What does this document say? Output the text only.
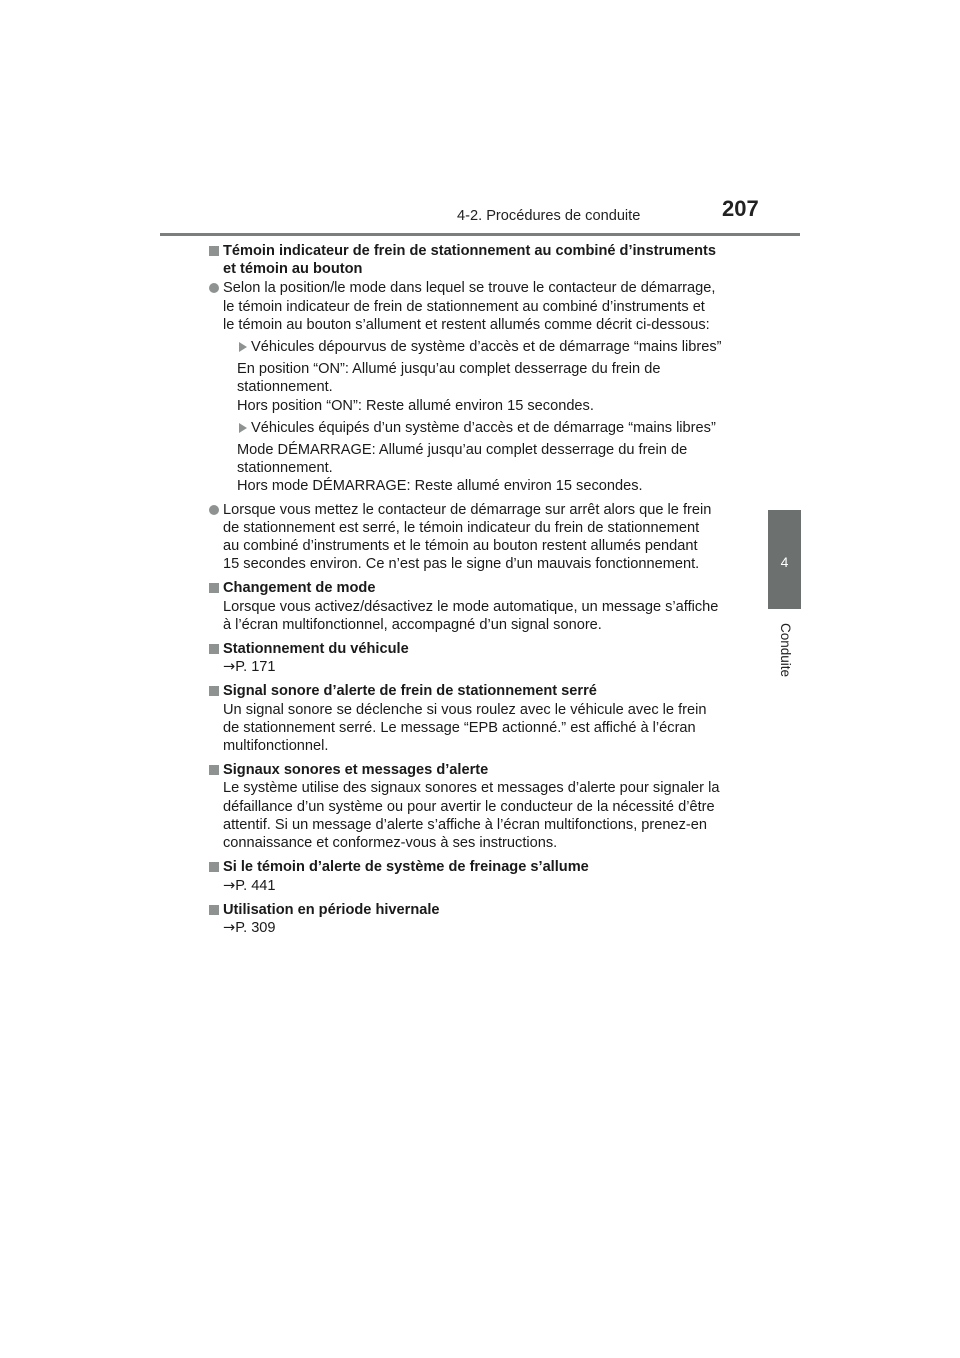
4-2. Procédures de conduite	207
4
Conduite
Témoin indicateur de frein de stationnement au combiné d’instruments
et témoin au bouton
Selon la position/le mode dans lequel se trouve le contacteur de démarrage,
le témoin indicateur de frein de stationnement au combiné d’instruments et
le témoin au bouton s’allument et restent allumés comme décrit ci-dessous:
Véhicules dépourvus de système d’accès et de démarrage “mains libres”
En position “ON”: Allumé jusqu’au complet desserrage du frein de
stationnement.
Hors position “ON”: Reste allumé environ 15 secondes.
Véhicules équipés d’un système d’accès et de démarrage “mains libres”
Mode DÉMARRAGE: Allumé jusqu’au complet desserrage du frein de
stationnement.
Hors mode DÉMARRAGE: Reste allumé environ 15 secondes.
Lorsque vous mettez le contacteur de démarrage sur arrêt alors que le frein
de stationnement est serré, le témoin indicateur du frein de stationnement
au combiné d’instruments et le témoin au bouton restent allumés pendant
15 secondes environ. Ce n’est pas le signe d’un mauvais fonctionnement.
Changement de mode
Lorsque vous activez/désactivez le mode automatique, un message s’affiche
à l’écran multifonctionnel, accompagné d’un signal sonore.
Stationnement du véhicule
→P. 171
Signal sonore d’alerte de frein de stationnement serré
Un signal sonore se déclenche si vous roulez avec le véhicule avec le frein
de stationnement serré. Le message “EPB actionné.” est affiché à l’écran
multifonctionnel.
Signaux sonores et messages d’alerte
Le système utilise des signaux sonores et messages d’alerte pour signaler la
défaillance d’un système ou pour avertir le conducteur de la nécessité d’être
attentif. Si un message d’alerte s’affiche à l’écran multifonctions, prenez-en
connaissance et conformez-vous à ses instructions.
Si le témoin d’alerte de système de freinage s’allume
→P. 441
Utilisation en période hivernale
→P. 309
